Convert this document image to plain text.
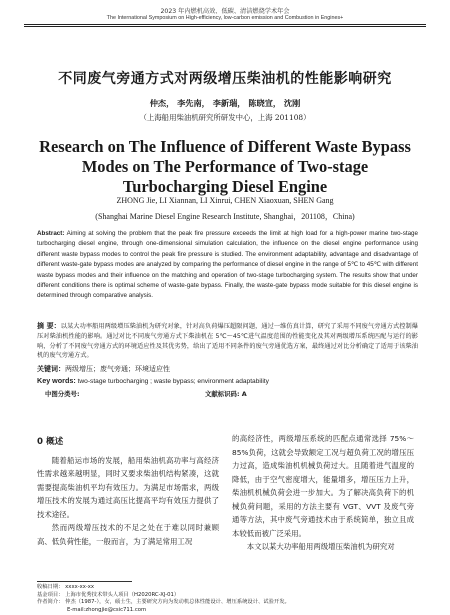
2023 年内燃机高效、低碳、清洁燃烧学术年会
The International Symposium on High-efficiency, low-carbon emission and Combustion in Engines+
不同废气旁通方式对两级增压柴油机的性能影响研究
仲杰， 李先南， 李新瑞， 陈晓宣， 沈刚
（上海船用柴油机研究所研发中心，上海 201108）
Research on The Influence of Different Waste Bypass
Modes on The Performance of Two-stage
Turbocharging Diesel Engine
ZHONG Jie, LI Xiannan, LI Xinrui, CHEN Xiaoxuan, SHEN Gang
(Shanghai Marine Diesel Engine Research Institute, Shanghai，201108，China)
Abstract: Aiming at solving the problem that the peak fire pressure exceeds the limit at high load for a high-power marine two-stage turbocharging diesel engine, through one-dimensional simulation calculation, the influence on the diesel engine performance using different waste bypass modes to control the peak fire pressure is studied. The environment adaptability, advantage and disadvantage of different waste-gate bypass modes are analyzed by comparing the performance of diesel engine in the range of 5℃ to 45℃ with different waste bypass modes and their influence on the matching and operation of two-stage turbocharging system. The results show that under different conditions there is optimal scheme of waste-gate bypass. Finally, the waste-gate bypass mode suitable for this diesel engine is determined through comparative analysis.
摘 要：以某大功率船用两级增压柴油机为研究对象，针对高负荷爆压超限问题，通过一维仿真计算，研究了采用不同废气旁通方式控制爆压对柴油机性能的影响。通过对比不同废气旁通方式下柴油机在 5℃～45℃进气温度范围的性能变化及其对两级增压系统匹配与运行的影响，分析了不同废气旁通方式的环境适应性及其优劣势，给出了适用不同条件的废气旁通优选方案，最终通过对比分析确定了适用于该柴油机的废气旁通方式。
关键词：两级增压；废气旁通；环境适应性
Key words: two-stage turbocharging ; waste bypass; environment adaptability
中图分类号:	文献标识码: A
0 概述

随着船运市场的发展，船用柴油机高功率与高经济性需求越来越明显，同时又要求柴油机结构紧凑，这就需要提高柴油机平均有效压力。为满足市场需求，两级增压技术的发展为通过高压比提高平均有效压力提供了技术途径。

然而两级增压技术的不足之处在于难以同时兼顾高、低负荷性能，一般而言，为了满足常用工况

的高经济性，两级增压系统的匹配点通常选择 75%～85%负荷，这就会导致额定工况与超负荷工况的增压压力过高，造成柴油机机械负荷过大。且随着进气温度的降低，由于空气密度增大，能量增多，增压压力上升，柴油机机械负荷会进一步加大。为了解决高负荷下的机械负荷问题，采用的方法主要有 VGT、VVT 及废气旁通等方法，其中废气旁通技术由于系统简单，独立且成本较低而被广泛采用。

本文以某大功率船用两级增压柴油机为研究对

收稿日期： xxxx-xx-xx
基金项目： 上海市优秀技术带头人项目（H2020RC-XJ-01）
作者简介： 仲杰（1987-），女，硕士生，主要研究方向为发动机总体性能设计、增压系统设计、试验开发。
E-mail:zhongjie@csic711.com
